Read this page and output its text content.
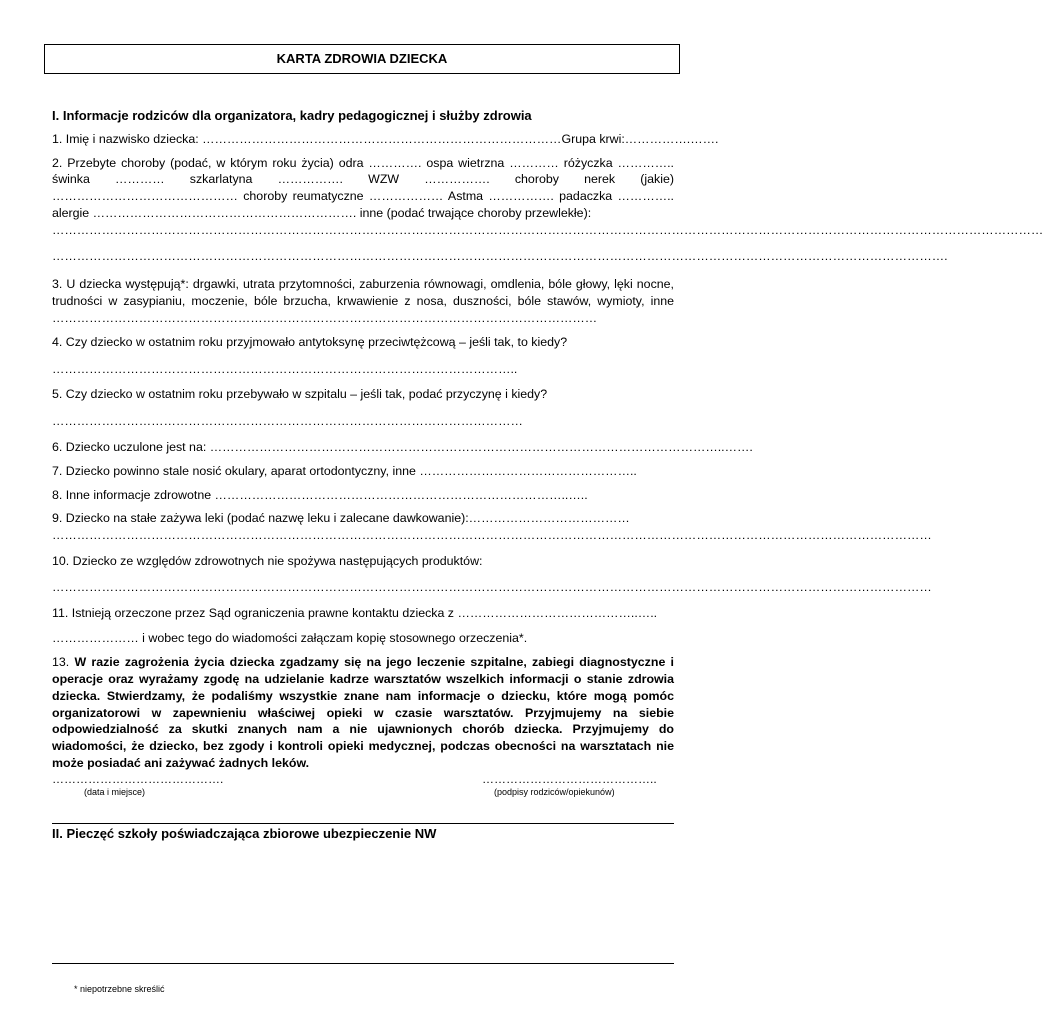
KARTA ZDROWIA DZIECKA
I. Informacje rodziców dla organizatora, kadry pedagogicznej i służby zdrowia
1. Imię i nazwisko dziecka: ……………………………………………………………………………Grupa krwi:…………….…….
2. Przebyte choroby (podać, w którym roku życia) odra …………. ospa wietrzna ………… różyczka ………….. świnka ………… szkarlatyna ……………. WZW ……………. choroby nerek (jakie) ……………………………………… choroby reumatyczne ……………… Astma ……………. padaczka ………….. alergie ………………………………………………………. inne (podać trwające choroby przewlekłe):
……………………………………………………………………………………………………………………………………………………………………………………………………………………
……………………………………………………………………………………………………………………………………………………………………………………………….
3. U dziecka występują*: drgawki, utrata przytomności, zaburzenia równowagi, omdlenia, bóle głowy, lęki nocne, trudności w zasypianiu, moczenie, bóle brzucha, krwawienie z nosa, duszności, bóle stawów, wymioty, inne ……………………………………………………………………………………………………………………
4. Czy dziecko w ostatnim roku przyjmowało antytoksynę przeciwtężcową – jeśli tak, to kiedy?
…………………………………………………………………………………………………..
5. Czy dziecko w ostatnim roku przebywało w szpitalu – jeśli tak, podać przyczynę i kiedy?
……………………………………………………………………………………………………
6. Dziecko uczulone jest na: ……………………………………………………………………………………………………………..…….
7. Dziecko powinno stale nosić okulary, aparat ortodontyczny, inne ……………………………………………..
8. Inne informacje zdrowotne …………………………………………………………………………..…..
9. Dziecko na stałe zażywa leki (podać nazwę leku i zalecane dawkowanie):…………………………………
……………………………………………………………………………………………………………………………………………………………………………………………
10. Dziecko ze względów zdrowotnych nie spożywa następujących produktów:
……………………………………………………………………………………………………………………………………………………………………………………………
11. Istnieją orzeczone przez Sąd ograniczenia prawne kontaktu dziecka z ……………………………………..…..
………………… i wobec tego do wiadomości załączam kopię stosownego orzeczenia*.
13. W razie zagrożenia życia dziecka zgadzamy się na jego leczenie szpitalne, zabiegi diagnostyczne i operacje oraz wyrażamy zgodę na udzielanie kadrze warsztatów wszelkich informacji o stanie zdrowia dziecka. Stwierdzamy, że podaliśmy wszystkie znane nam informacje o dziecku, które mogą pomóc organizatorowi w zapewnieniu właściwej opieki w czasie warsztatów. Przyjmujemy na siebie odpowiedzialność za skutki znanych nam a nie ujawnionych chorób dziecka. Przyjmujemy do wiadomości, że dziecko, bez zgody i kontroli opieki medycznej, podczas obecności na warsztatach nie może posiadać ani zażywać żadnych leków.
…………………………………….
(data i miejsce)
……………………………………..
(podpisy rodziców/opiekunów)
II. Pieczęć szkoły poświadczająca zbiorowe ubezpieczenie NW
* niepotrzebne skreślić
